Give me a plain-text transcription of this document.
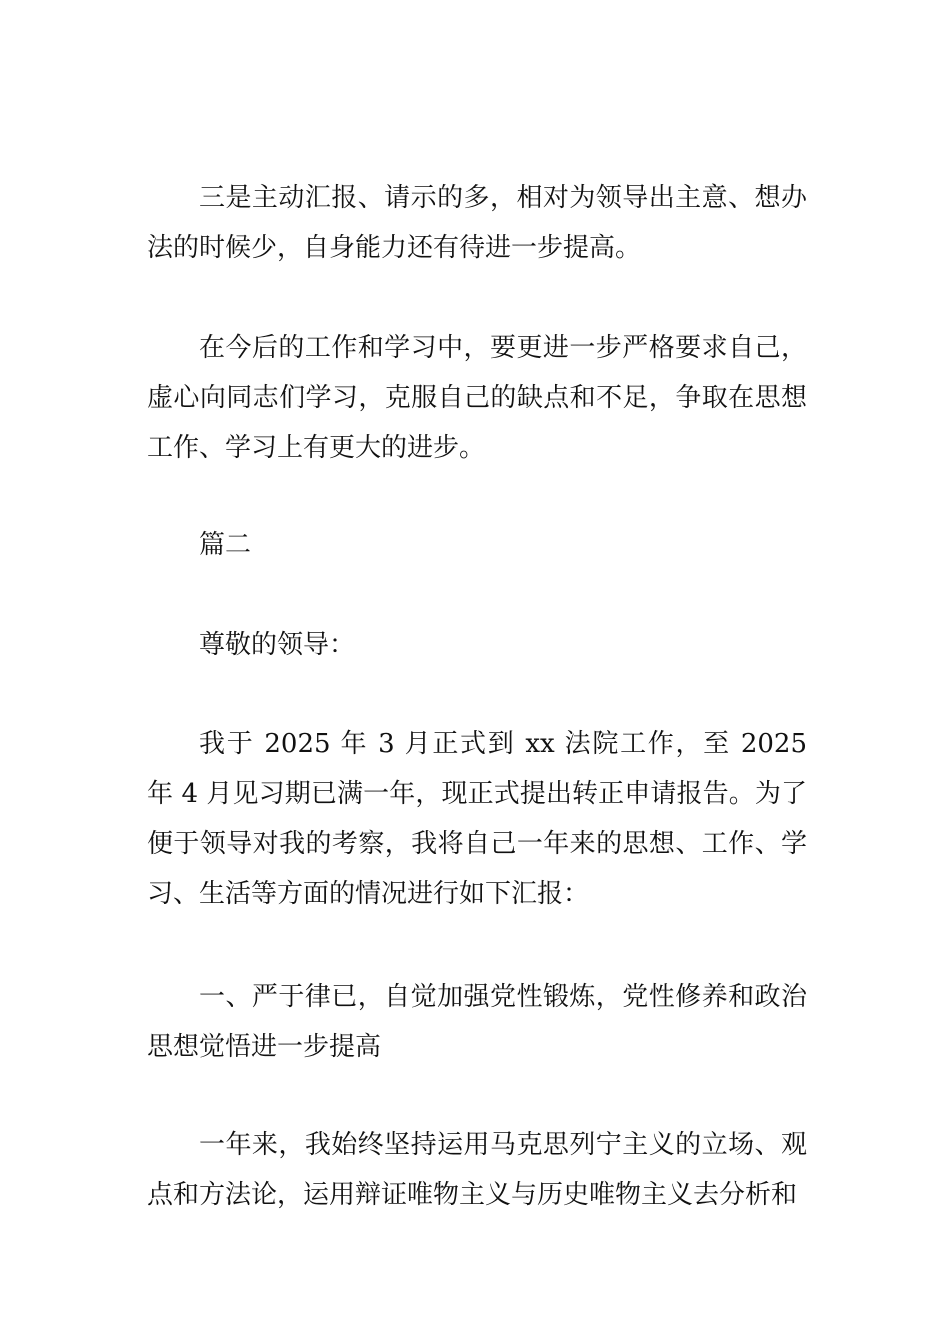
三是主动汇报、请示的多，相对为领导出主意、想办法的时候少，自身能力还有待进一步提高。

在今后的工作和学习中，要更进一步严格要求自己，虚心向同志们学习，克服自己的缺点和不足，争取在思想工作、学习上有更大的进步。

篇二

尊敬的领导：

我于 2025 年 3 月正式到 xx 法院工作，至 2025 年 4 月见习期已满一年，现正式提出转正申请报告。为了便于领导对我的考察，我将自己一年来的思想、工作、学习、生活等方面的情况进行如下汇报：

一、严于律已，自觉加强党性锻炼，党性修养和政治思想觉悟进一步提高

一年来，我始终坚持运用马克思列宁主义的立场、观点和方法论，运用辩证唯物主义与历史唯物主义去分析和
